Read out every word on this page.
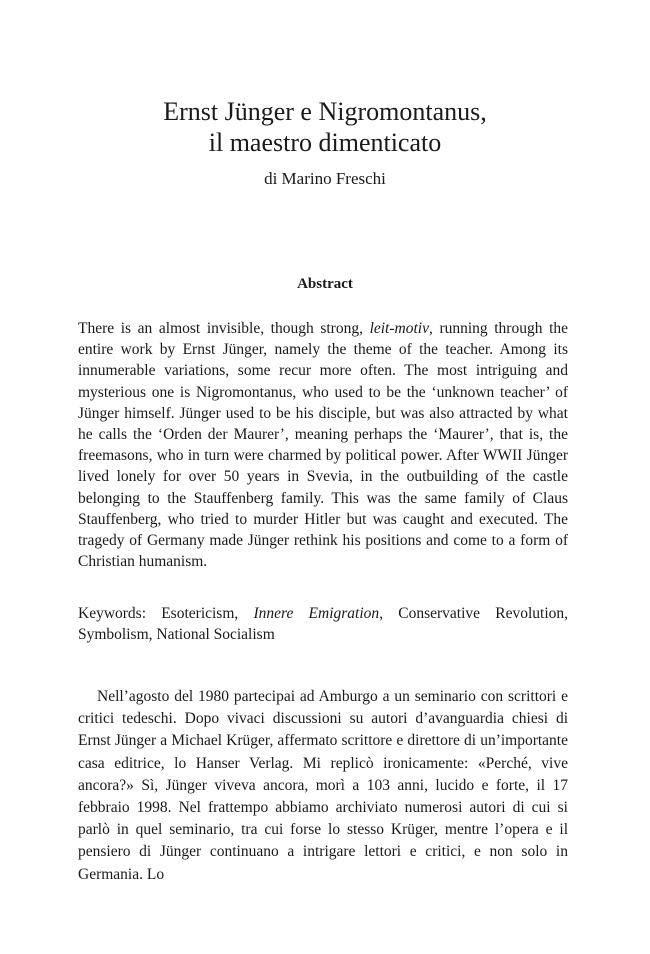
Ernst Jünger e Nigromontanus,
il maestro dimenticato
di Marino Freschi
Abstract

There is an almost invisible, though strong, leit-motiv, running through the entire work by Ernst Jünger, namely the theme of the teacher. Among its innumerable variations, some recur more often. The most intriguing and mysterious one is Nigromontanus, who used to be the ‘unknown teacher’ of Jünger himself. Jünger used to be his disciple, but was also attracted by what he calls the ‘Orden der Maurer’, meaning perhaps the ‘Maurer’, that is, the freemasons, who in turn were charmed by political power. After WWII Jünger lived lonely for over 50 years in Svevia, in the outbuilding of the castle belonging to the Stauffenberg family. This was the same family of Claus Stauffenberg, who tried to murder Hitler but was caught and executed. The tragedy of Germany made Jünger rethink his positions and come to a form of Christian humanism.

Keywords: Esotericism, Innere Emigration, Conservative Revolution, Symbolism, National Socialism

Nell’agosto del 1980 partecipai ad Amburgo a un seminario con scrittori e critici tedeschi. Dopo vivaci discussioni su autori d’avanguardia chiesi di Ernst Jünger a Michael Krüger, affermato scrittore e direttore di un’importante casa editrice, lo Hanser Verlag. Mi replicò ironicamente: «Perché, vive ancora?» Sì, Jünger viveva ancora, morì a 103 anni, lucido e forte, il 17 febbraio 1998. Nel frattempo abbiamo archiviato numerosi autori di cui si parlò in quel seminario, tra cui forse lo stesso Krüger, mentre l’opera e il pensiero di Jünger continuano a intrigare lettori e critici, e non solo in Germania. Lo
